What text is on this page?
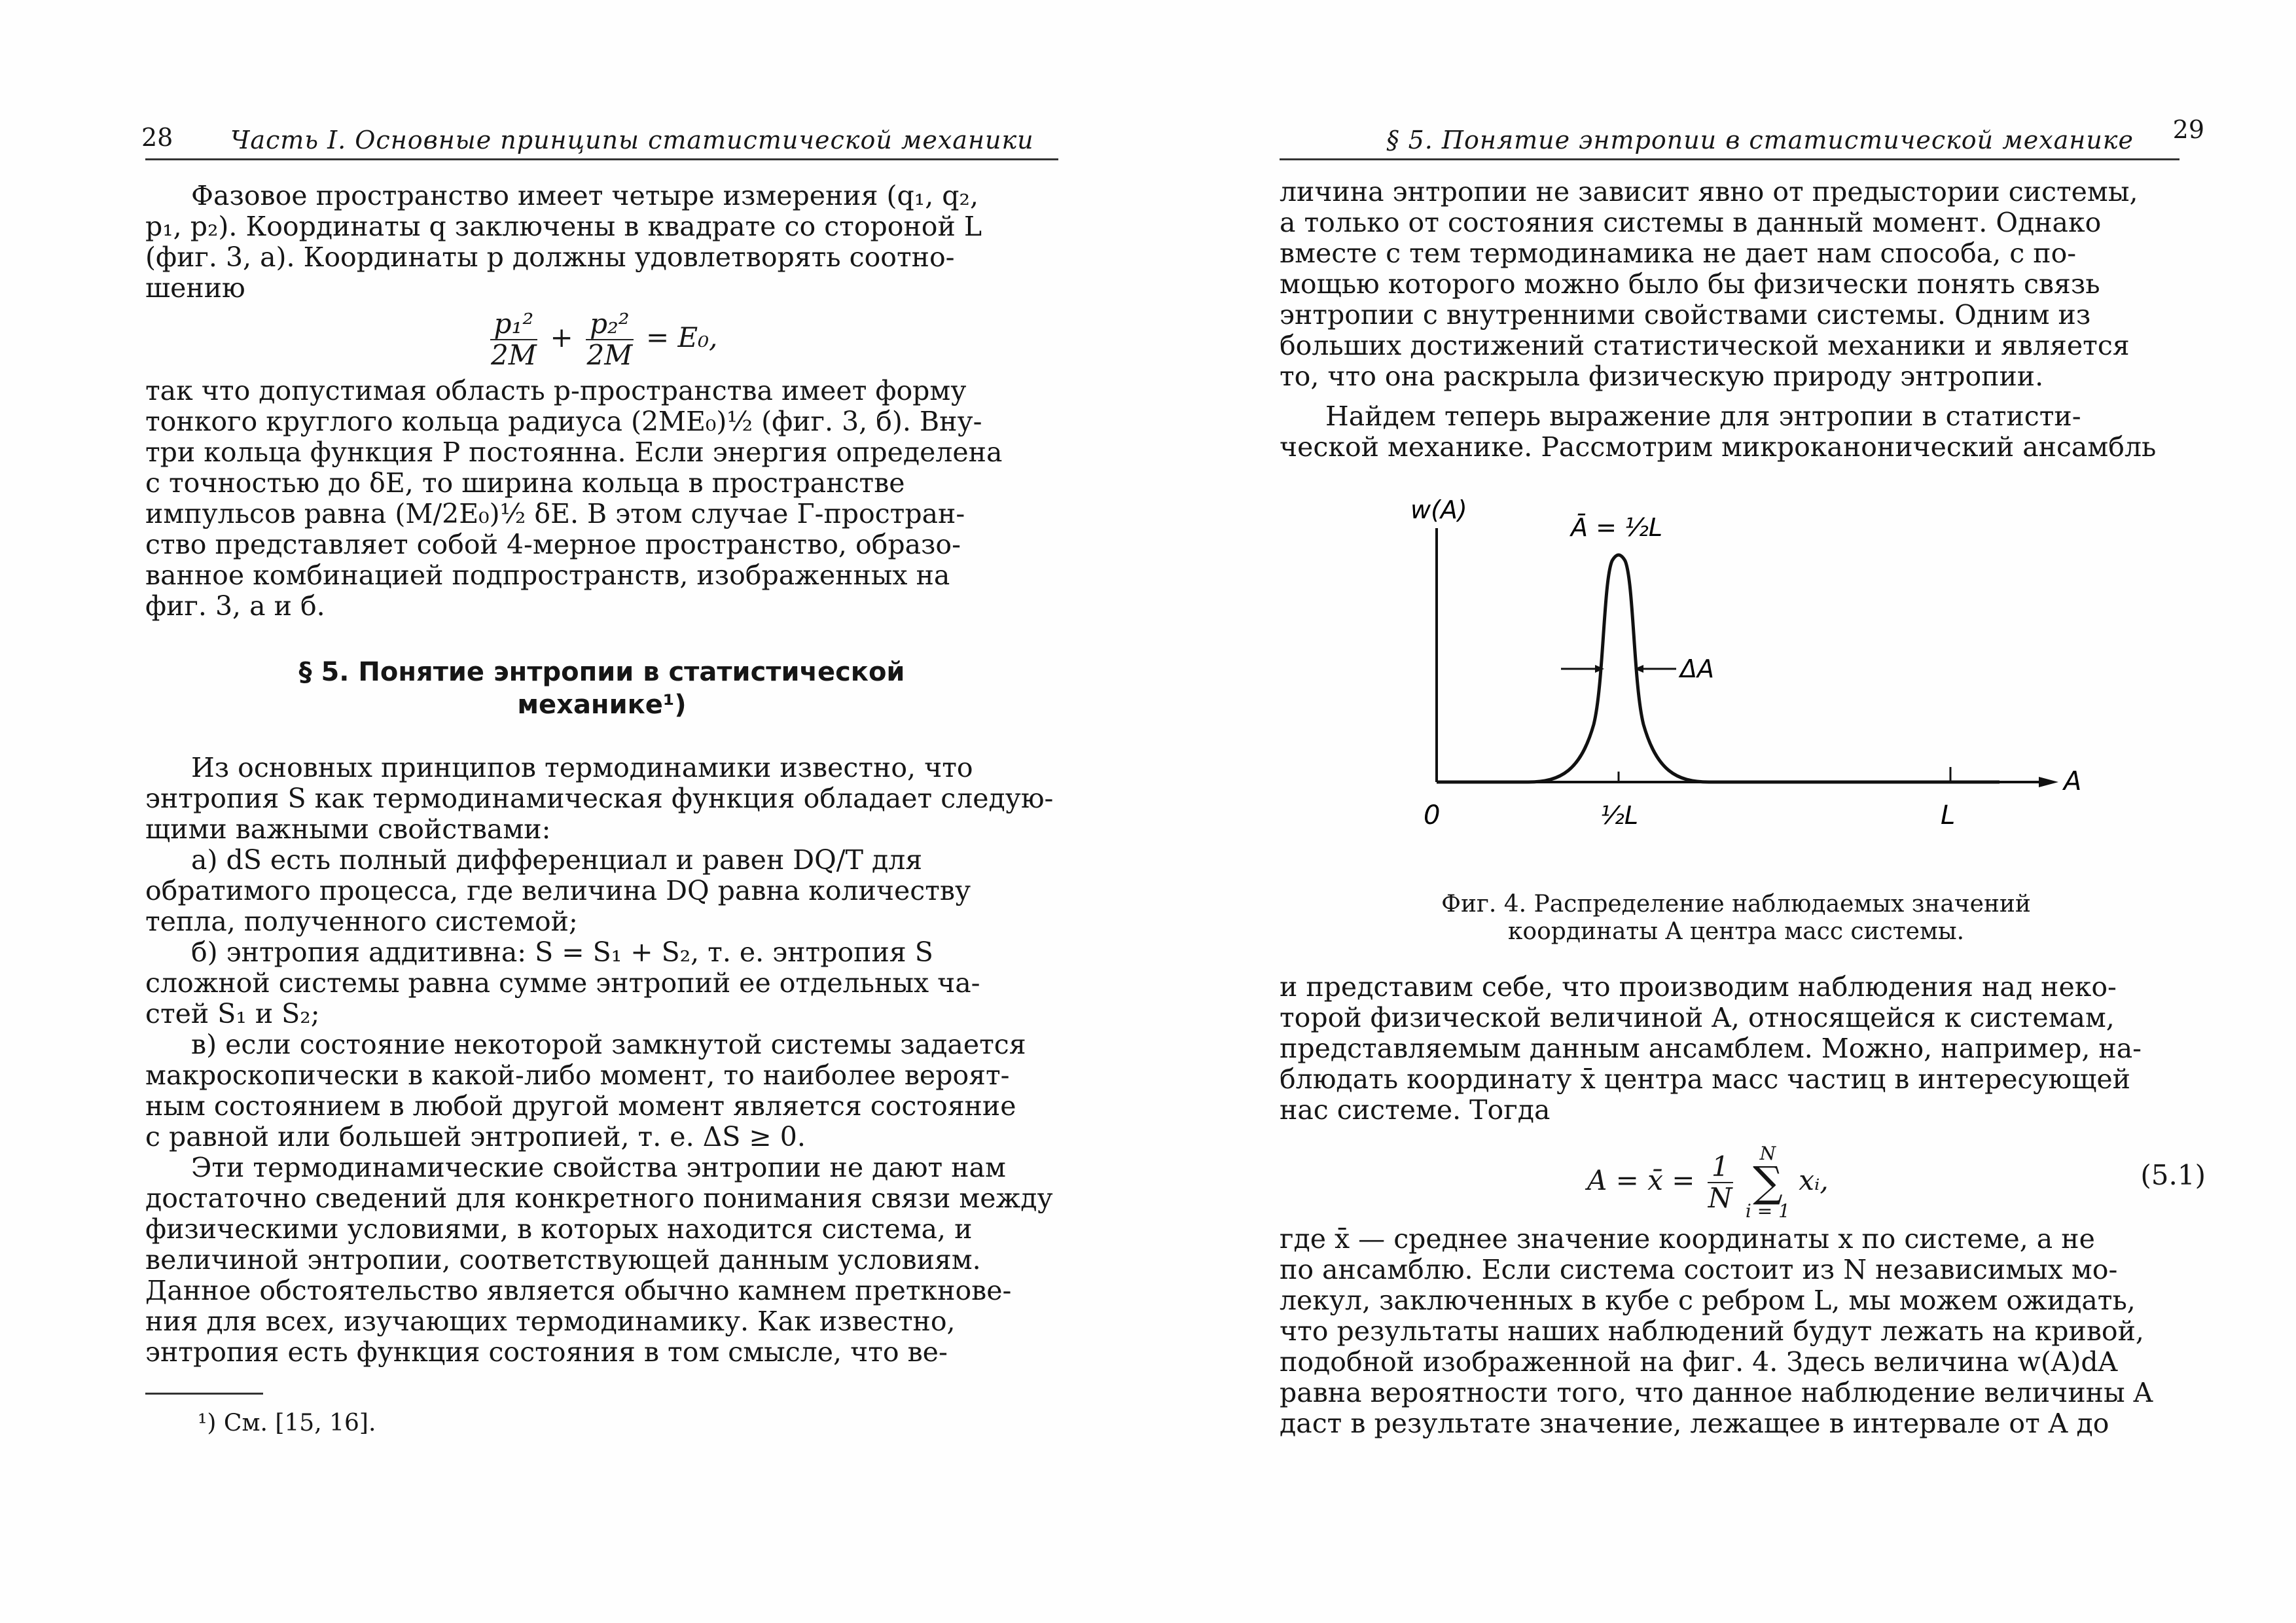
28 Часть I. Основные принципы статистической механики

Фазовое пространство имеет четыре измерения (q₁, q₂,

p₁, p₂). Координаты q заключены в квадрате со стороной L

(фиг. 3, а). Координаты p должны удовлетворять соотно-

шению

$\frac{\text{p₁²}}{2M} + \frac{\text{p₂²}}{2M} = E_0$,

так что допустимая область p-пространства имеет форму

тонкого круглого кольца радиуса (2ME₀)½ (фиг. 3, б). Вну-

три кольца функция P постоянна. Если энергия определена

с точностью до δE, то ширина кольца в пространстве

импульсов равна (M/2E₀)½ δE. В этом случае Г-простран-

ство представляет собой 4-мерное пространство, образо-

ванное комбинацией подпространств, изображенных на

фиг. 3, а и б.

§ 5. Понятие энтропии в статистической
механике¹)

Из основных принципов термодинамики известно, что

энтропия S как термодинамическая функция обладает следую-

щими важными свойствами:

а) dS есть полный дифференциал и равен DQ/T для

обратимого процесса, где величина DQ равна количеству

тепла, полученного системой;

б) энтропия аддитивна: S = S₁ + S₂, т. е. энтропия S

сложной системы равна сумме энтропий ее отдельных ча-

стей S₁ и S₂;

в) если состояние некоторой замкнутой системы задается

макроскопически в какой-либо момент, то наиболее вероят-

ным состоянием в любой другой момент является состояние

с равной или большей энтропией, т. е. ΔS ≥ 0.

Эти термодинамические свойства энтропии не дают нам

достаточно сведений для конкретного понимания связи между

физическими условиями, в которых находится система, и

величиной энтропии, соответствующей данным условиям.

Данное обстоятельство является обычно камнем преткнове-

ния для всех, изучающих термодинамику. Как известно,

энтропия есть функция состояния в том смысле, что ве-

¹) См. [15, 16].
§ 5. Понятие энтропии в статистической механике 29

личина энтропии не зависит явно от предыстории системы,

а только от состояния системы в данный момент. Однако

вместе с тем термодинамика не дает нам способа, с по-

мощью которого можно было бы физически понять связь

энтропии с внутренними свойствами системы. Одним из

больших достижений статистической механики и является

то, что она раскрыла физическую природу энтропии.

Найдем теперь выражение для энтропии в статисти-

ческой механике. Рассмотрим микроканонический ансамбль

w(A)
A
Ā = ½L
ΔA
0	½L	L
Фиг. 4. Распределение наблюдаемых значений
координаты A центра масс системы.

и представим себе, что производим наблюдения над неко-

торой физической величиной A, относящейся к системам,

представляемым данным ансамблем. Можно, например, на-

блюдать координату x̄ центра масс частиц в интересующей

нас системе. Тогда

A = x̄ = $\frac{1}{N}$
	N
∑
i = 1
xᵢ,	(5.1)

где x̄ — среднее значение координаты x по системе, а не

по ансамблю. Если система состоит из N независимых мо-

лекул, заключенных в кубе с ребром L, мы можем ожидать,

что результаты наших наблюдений будут лежать на кривой,

подобной изображенной на фиг. 4. Здесь величина w(A)dA

равна вероятности того, что данное наблюдение величины A

даст в результате значение, лежащее в интервале от A до
